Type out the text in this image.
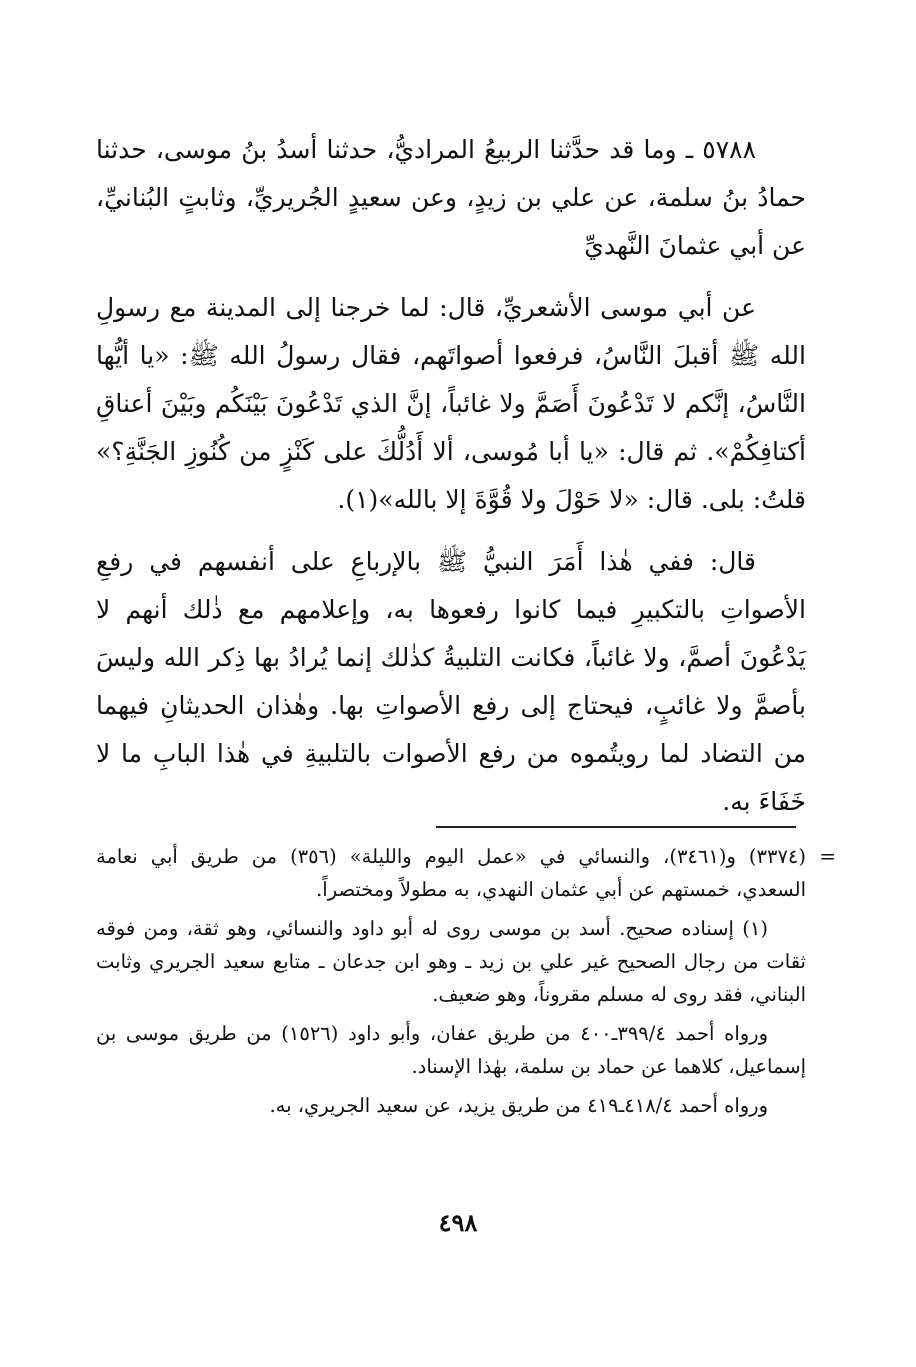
٥٧٨٨ ـ وما قد حدَّثنا الربيعُ المراديُّ، حدثنا أسدُ بنُ موسى، حدثنا حمادُ بنُ سلمة، عن علي بن زيدٍ، وعن سعيدٍ الجُريريِّ، وثابتٍ البُنانيِّ، عن أبي عثمانَ النَّهديِّ

عن أبي موسى الأشعريِّ، قال: لما خرجنا إلى المدينة مع رسولِ الله ﷺ أقبلَ النَّاسُ، فرفعوا أصواتَهم، فقال رسولُ الله ﷺ: «يا أيُّها النَّاسُ، إنَّكم لا تَدْعُونَ أَصَمَّ ولا غائباً، إنَّ الذي تَدْعُونَ بَيْنَكُم وبَيْنَ أعناقِ أكتافِكُمْ». ثم قال: «يا أبا مُوسى، ألا أَدُلُّكَ على كَنْزٍ من كُنُوزِ الجَنَّةِ؟» قلتُ: بلى. قال: «لا حَوْلَ ولا قُوَّةَ إلا بالله»(١).

قال: ففي هٰذا أَمَرَ النبيُّ ﷺ بالإرباعِ على أنفسهم في رفعِ الأصواتِ بالتكبيرِ فيما كانوا رفعوها به، وإعلامهم مع ذٰلك أنهم لا يَدْعُونَ أصمَّ، ولا غائباً، فكانت التلبيةُ كذٰلك إنما يُرادُ بها ذِكر الله وليسَ بأصمَّ ولا غائبٍ، فيحتاج إلى رفع الأصواتِ بها. وهٰذان الحديثانِ فيهما من التضاد لما رويتُموه من رفع الأصوات بالتلبيةِ في هٰذا البابِ ما لا خَفَاءَ به.

=
(٣٣٧٤) و(٣٤٦١)، والنسائي في «عمل اليوم والليلة» (٣٥٦) من طريق أبي نعامة السعدي، خمستهم عن أبي عثمان النهدي، به مطولاً ومختصراً.

(١) إسناده صحيح. أسد بن موسى روى له أبو داود والنسائي، وهو ثقة، ومن فوقه ثقات من رجال الصحيح غير علي بن زيد ـ وهو ابن جدعان ـ متابع سعيد الجريري وثابت البناني، فقد روى له مسلم مقروناً، وهو ضعيف.

ورواه أحمد ٣٩٩/٤ـ٤٠٠ من طريق عفان، وأبو داود (١٥٢٦) من طريق موسى بن إسماعيل، كلاهما عن حماد بن سلمة، بهٰذا الإسناد.

ورواه أحمد ٤١٨/٤ـ٤١٩ من طريق يزيد، عن سعيد الجريري، به.

٤٩٨
